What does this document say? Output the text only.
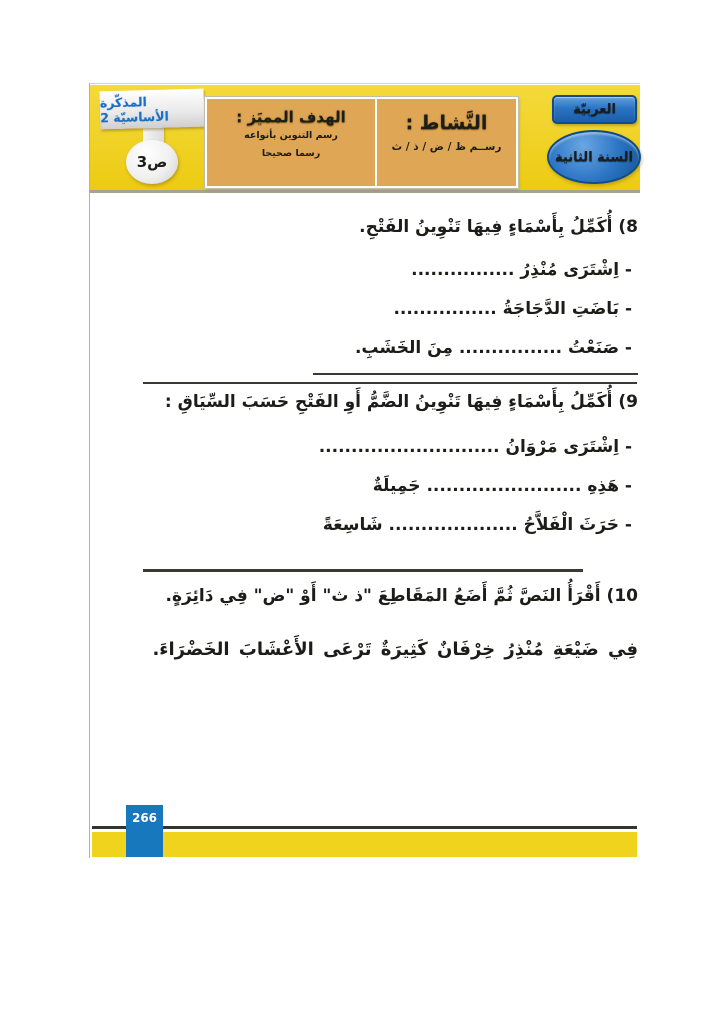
المذكّرة الأساسيّة 2
ص3
النَّشاط :
رســم ظ / ض / ذ / ث
الهدف المميَز :
رسم التنوين بأنواعه
رسما صحيحا
العربيّة
السنة الثانية
8) أُكَمِّلُ بِأَسْمَاءٍ فِيهَا تَنْوِينُ الفَتْحِ.
- اِشْتَرَى مُنْذِرُ ................
- بَاضَتِ الدَّجَاجَةُ ................
- صَنَعْتُ ................ مِنَ الخَشَبِ.
9) أُكَمِّلُ بِأَسْمَاءٍ فِيهَا تَنْوِينُ الضَّمُّ أَوِ الفَتْحِ حَسَبَ السِّيَاقِ :
- اِشْتَرَى مَرْوَانُ ............................
- هَذِهِ ........................ جَمِيلَةٌ
- حَرَثَ الْفَلاَّحُ .................... شَاسِعَةً
10) أَقْرَأُ النَصَّ ثُمَّ أَضَعُ المَقَاطِعَ "ذ ث" أَوْ "ض" فِي دَائِرَةٍ.
فِي ضَيْعَةِ مُنْذِرُ خِرْفَانٌ كَثِيرَةٌ تَرْعَى الأَعْشَابَ الخَضْرَاءَ.
266
